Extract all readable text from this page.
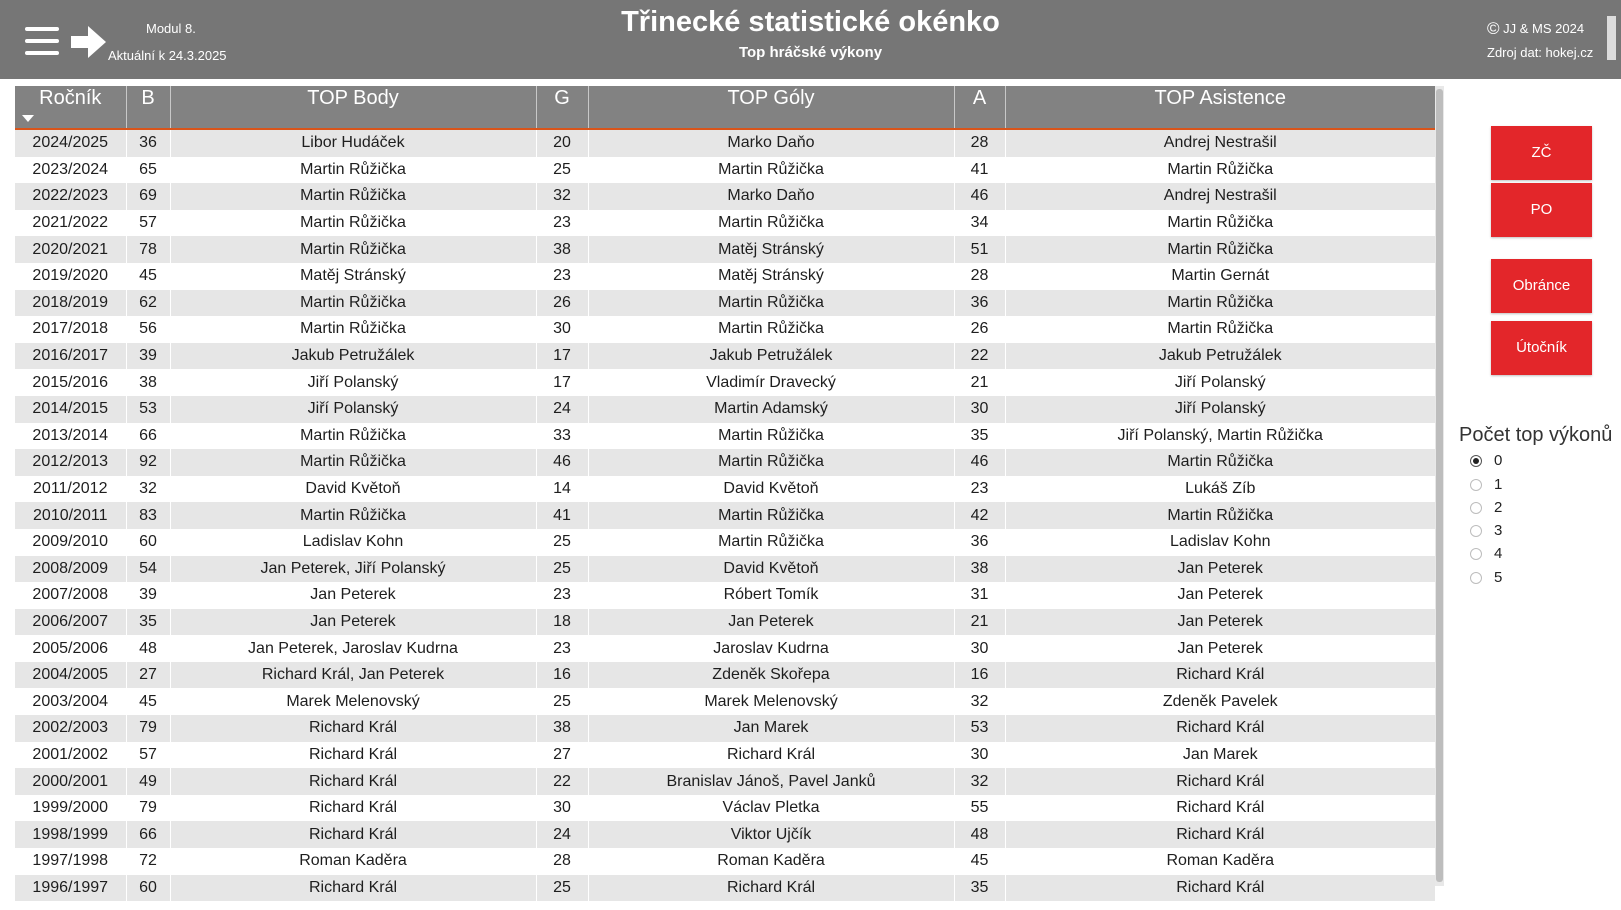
Modul 8.
Aktuální k 24.3.2025
Třinecké statistické okénko
Top hráčské výkony
© JJ & MS 2024
Zdroj dat: hokej.cz
Ročník	B	TOP Body	G	TOP Góly	A	TOP Asistence
2024/2025	36	Libor Hudáček	20	Marko Daňo	28	Andrej Nestrašil
2023/2024	65	Martin Růžička	25	Martin Růžička	41	Martin Růžička
2022/2023	69	Martin Růžička	32	Marko Daňo	46	Andrej Nestrašil
2021/2022	57	Martin Růžička	23	Martin Růžička	34	Martin Růžička
2020/2021	78	Martin Růžička	38	Matěj Stránský	51	Martin Růžička
2019/2020	45	Matěj Stránský	23	Matěj Stránský	28	Martin Gernát
2018/2019	62	Martin Růžička	26	Martin Růžička	36	Martin Růžička
2017/2018	56	Martin Růžička	30	Martin Růžička	26	Martin Růžička
2016/2017	39	Jakub Petružálek	17	Jakub Petružálek	22	Jakub Petružálek
2015/2016	38	Jiří Polanský	17	Vladimír Dravecký	21	Jiří Polanský
2014/2015	53	Jiří Polanský	24	Martin Adamský	30	Jiří Polanský
2013/2014	66	Martin Růžička	33	Martin Růžička	35	Jiří Polanský, Martin Růžička
2012/2013	92	Martin Růžička	46	Martin Růžička	46	Martin Růžička
2011/2012	32	David Květoň	14	David Květoň	23	Lukáš Zíb
2010/2011	83	Martin Růžička	41	Martin Růžička	42	Martin Růžička
2009/2010	60	Ladislav Kohn	25	Martin Růžička	36	Ladislav Kohn
2008/2009	54	Jan Peterek, Jiří Polanský	25	David Květoň	38	Jan Peterek
2007/2008	39	Jan Peterek	23	Róbert Tomík	31	Jan Peterek
2006/2007	35	Jan Peterek	18	Jan Peterek	21	Jan Peterek
2005/2006	48	Jan Peterek, Jaroslav Kudrna	23	Jaroslav Kudrna	30	Jan Peterek
2004/2005	27	Richard Král, Jan Peterek	16	Zdeněk Skořepa	16	Richard Král
2003/2004	45	Marek Melenovský	25	Marek Melenovský	32	Zdeněk Pavelek
2002/2003	79	Richard Král	38	Jan Marek	53	Richard Král
2001/2002	57	Richard Král	27	Richard Král	30	Jan Marek
2000/2001	49	Richard Král	22	Branislav Jánoš, Pavel Janků	32	Richard Král
1999/2000	79	Richard Král	30	Václav Pletka	55	Richard Král
1998/1999	66	Richard Král	24	Viktor Ujčík	48	Richard Král
1997/1998	72	Roman Kaděra	28	Roman Kaděra	45	Roman Kaděra
1996/1997	60	Richard Král	25	Richard Král	35	Richard Král
ZČ
PO
Obránce
Útočník
Počet top výkonů
0
1
2
3
4
5
